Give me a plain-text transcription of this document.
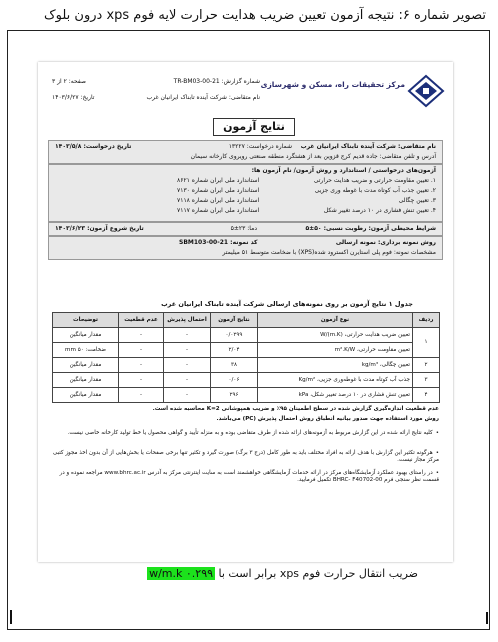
تصویر شماره ۶: نتیجه آزمون تعیین ضریب هدایت حرارت لایه فوم xps درون بلوک
مرکز تحقیقات راه، مسکن و شهرسازی
شماره گزارش: TR-BM03-00-21
نام متقاضی: شرکت آینده تابناک ایرانیان غرب
صفحه: ۲ از ۳
تاریخ: ۱۴۰۳/۶/۲۷
نتایج آزمون
نام متقاضی: شرکت آینده تابناک ایرانیان غرب
شماره درخواست: ۱۳۲۲۷
تاریخ درخواست: ۱۴۰۳/۵/۸
آدرس و تلفن متقاضی: جاده قدیم کرج قزوین بعد از هشتگرد منطقه صنعتی رویروی کارخانه سیمان
آزمون‌های درخواستی / استاندارد و روش آزمون‌/ نام آزمون ها:
۱. تعیین مقاومت حرارتی و ضریب هدایت حرارتی
استاندارد ملی ایران شماره ۸۶۲۱
۲. تعیین جذب آب کوتاه مدت با غوطه وری جزیی
استاندارد ملی ایران شماره ۷۱۳۰
۳. تعیین چگالی
استاندارد ملی ایران شماره ۷۱۱۸
۴. تعیین تنش فشاری در ۱۰ درصد تغییر شکل
استاندارد ملی ایران شماره ۷۱۱۷
شرایط محیطی آزمون: رطوبت نسبی: ۵۰±۵
دما: ۲۳±۵
تاریخ شروع آزمون: ۱۴۰۳/۶/۲۳
روش نمونه برداری: نمونه ارسالی
کد نمونه: SBM103-00-21
مشخصات نمونه: فوم پلی استایرن اکسترود شده(XPS) با ضخامت متوسط ۵۱ میلیمتر
جدول ۱ نتایج آزمون بر روی نمونه‌های ارسالی شرکت آینده تابناک ایرانیان غرب
ردیف	نوع آزمون	نتایج آزمون	احتمال پذیرش	عدم قطعیت	توضیحات
۱	تعیین ضریب هدایت حرارتی، (W/(m.K	۰/۰۲۹۹	-	-	مقدار میانگین
	تعیین مقاومت حرارتی، m².K/W	۲/۰۴	-	-	ضخامت: mm ۵۰
۲	تعیین چگالی، kg/m³	۳۸	-	-	مقدار میانگین
۳	جذب آب کوتاه مدت با غوطه‌وری جزیی، Kg/m²	۰/۰۶	-	-	مقدار میانگین
۴	تعیین تنش فشاری در ۱۰ درصد تغییر شکل، kPa	۲۹۶	-	-	مقدار میانگین
عدم قطعیت اندازه‌گیری گزارش شده در سطح اطمینان ۹۵٪ و ضریب همپوشانی K=2 محاسبه شده است.
روش مورد استفاده جهت صدور بیانیه انطباق روش احتمال پذیرش (PC) می‌باشد.
• کلیه نتایج ارائه شده در این گزارش مربوط به آزمونه‌های ارائه شده از طرف متقاضی بوده و به منزله تأیید و گواهی محصول یا خط تولید کارخانه خاصی نیست.
• هرگونه تکثیر این گزارش با هدف ارائه به افراد مختلف باید به طور کامل (درج ۳ برگ) صورت گیرد و تکثیر تنها برخی صفحات یا بخش‌هایی از آن بدون اخذ مجوز کتبی مرکز مجاز نیست.
• در راستای بهبود عملکرد آزمایشگاه‌های مرکز در ارائه خدمات آزمایشگاهی خواهشمند است به سایت اینترنتی مرکز به آدرس www.bhrc.ac.ir مراجعه نموده و در قسمت نظر سنجی فرم BHRC- F40702-00 تکمیل فرمایید.
ضریب انتقال حرارت فوم xps برابر است با ۰.۲۹۹ w/m.k
